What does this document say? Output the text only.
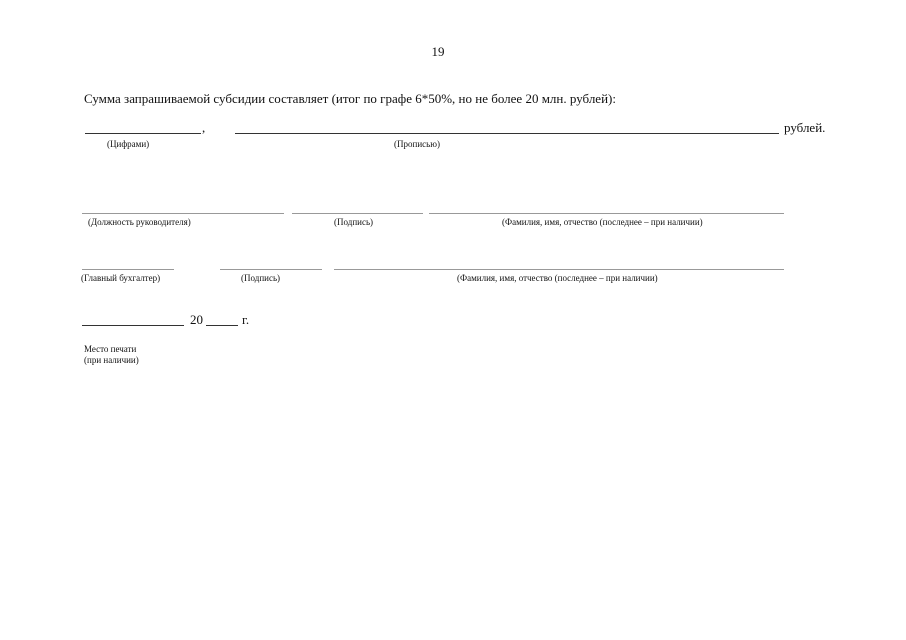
19
Сумма запрашиваемой субсидии составляет (итог по графе 6*50%, но не более 20 млн. рублей):
,	рублей.
(Цифрами)	(Прописью)
(Должность руководителя)	(Подпись)	(Фамилия, имя, отчество (последнее – при наличии)
(Главный бухгалтер)	(Подпись)	(Фамилия, имя, отчество (последнее – при наличии)
20	г.
Место печати
(при наличии)
